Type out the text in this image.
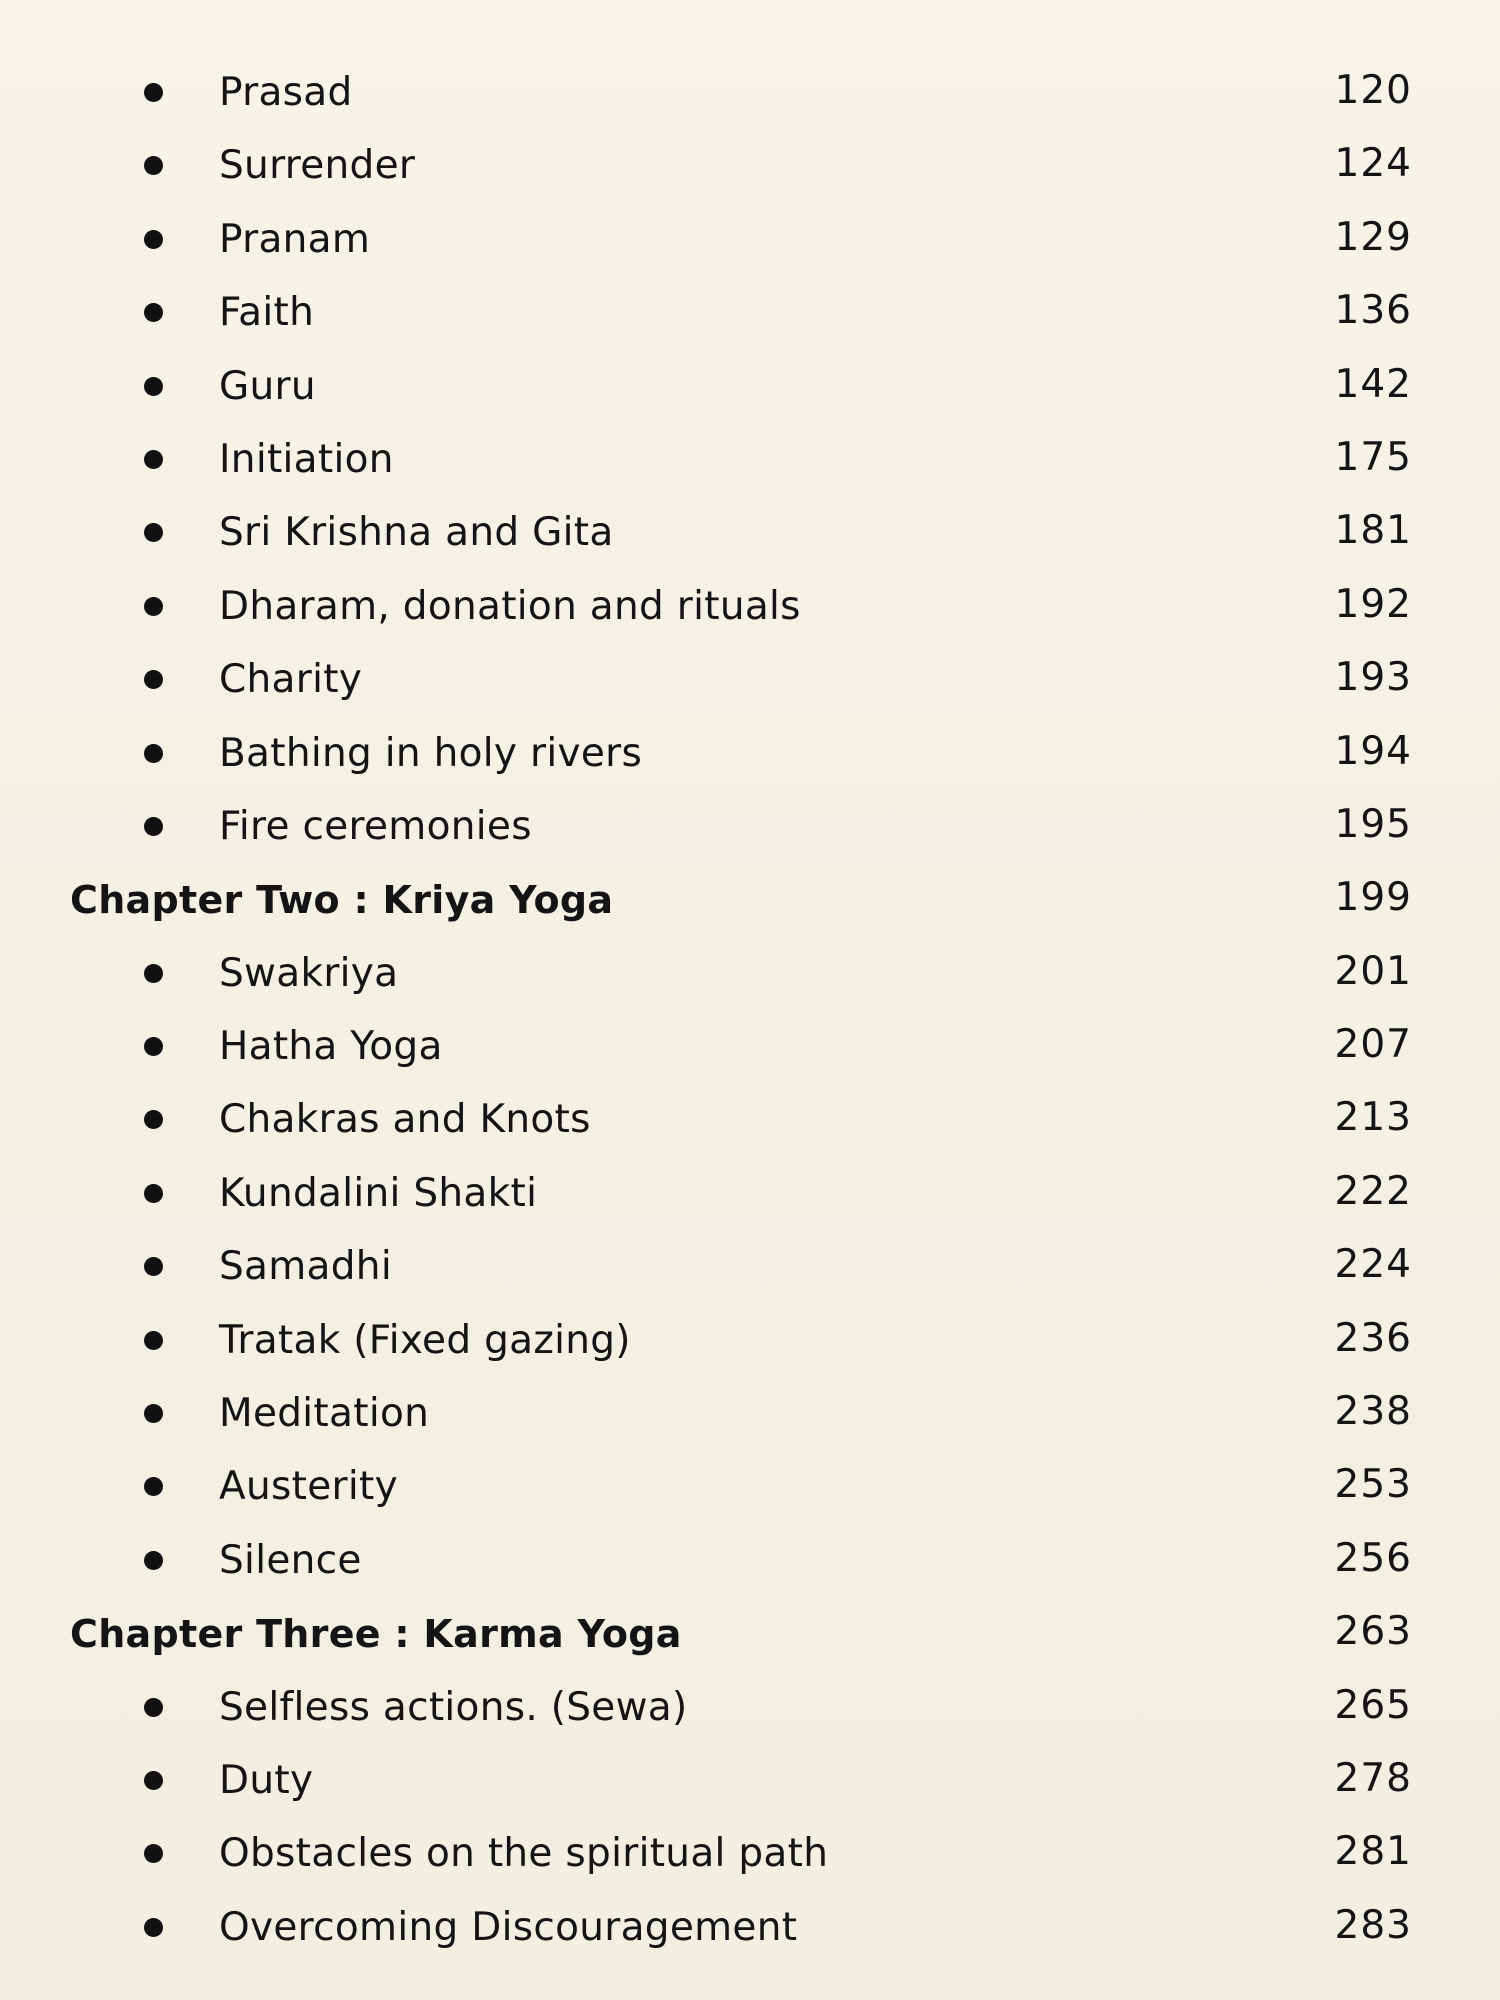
Prasad	120
Surrender	124
Pranam	129
Faith	136
Guru	142
Initiation	175
Sri Krishna and Gita	181
Dharam, donation and rituals	192
Charity	193
Bathing in holy rivers	194
Fire ceremonies	195
Chapter Two : Kriya Yoga	199
Swakriya	201
Hatha Yoga	207
Chakras and Knots	213
Kundalini Shakti	222
Samadhi	224
Tratak (Fixed gazing)	236
Meditation	238
Austerity	253
Silence	256
Chapter Three : Karma Yoga	263
Selfless actions. (Sewa)	265
Duty	278
Obstacles on the spiritual path	281
Overcoming Discouragement	283
